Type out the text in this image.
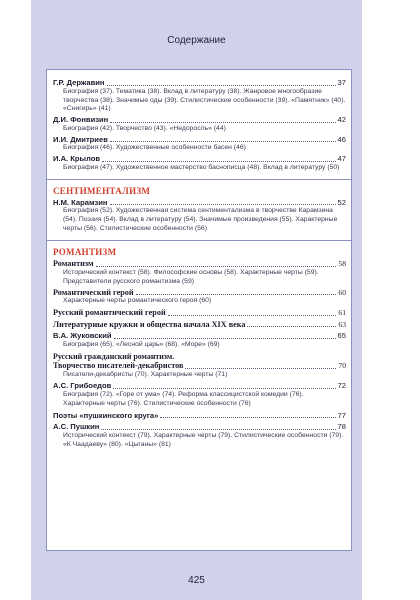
Содержание
Г.Р. Державин	37
Биография (37). Тематика (38). Вклад в литературу (38). Жанровое многообразие творчества (38). Значимые оды (39). Стилистические особенности (39). «Памятник» (40). «Снигирь» (41)
Д.И. Фонвизин	42
Биография (42). Творчество (43). «Недоросль» (44)
И.И. Дмитриев	46
Биография (46). Художественные особенности басен (46)
И.А. Крылов	47
Биография (47). Художественное мастерство баснописца (48). Вклад в литературу (50)
СЕНТИМЕНТАЛИЗМ
Н.М. Карамзин	52
Биография (52). Художественная система сентиментализма в творчестве Карамзина (54). Поэзия (54). Вклад в литературу (54). Значимые произведения (55). Характерные черты (56). Стилистические особенности (56)
РОМАНТИЗМ
Романтизм	58
Исторический контекст (58). Философские основы (58). Характерные черты (59). Представители русского романтизма (59)
Романтический герой	60
Характерные черты романтического героя (60)
Русский романтический герой	61
Литературные кружки и общества начала XIX века	63
В.А. Жуковский	65
Биография (65). «Лесной царь» (68). «Море» (69)
Русский гражданский романтизм.
Творчество писателей-декабристов	70
Писатели-декабристы (70). Характерные черты (71)
А.С. Грибоедов	72
Биография (72). «Горе от ума» (74). Реформа классицистской комедии (76). Характерные черты (76). Стилистические особенности (76)
Поэты «пушкинского круга»	77
А.С. Пушкин	78
Исторический контекст (79). Характерные черты (79). Стилистические особенности (79). «К Чаадаеву» (80). «Цыганы» (81)
425
